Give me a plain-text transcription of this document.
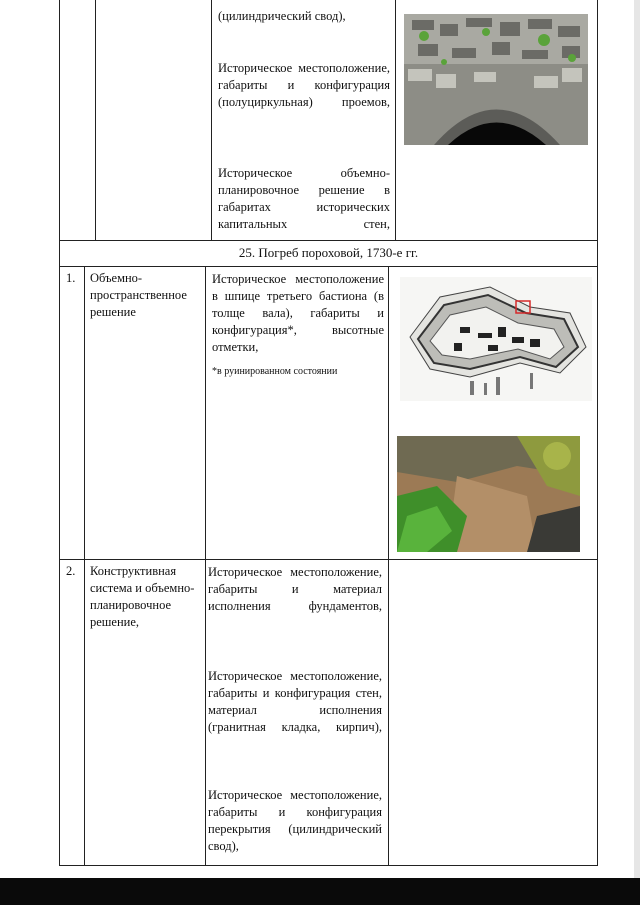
(цилиндрический свод),
Историческое местоположение, габариты и конфигурация (полуциркульная) проемов,
Историческое объемно-планировочное решение в габаритах исторических капитальных стен,
25. Погреб пороховой, 1730-е гг.
1.	Объемно-пространственное решение
Историческое местоположение в шпице третьего бастиона (в толще вала), габариты и конфигурация*, высотные отметки,
*в руинированном состоянии
2.	Конструктивная система и объемно-планировочное решение,
Историческое местоположение, габариты и материал исполнения фундаментов,
Историческое местоположение, габариты и конфигурация стен, материал исполнения (гранитная кладка, кирпич),
Историческое местоположение, габариты и конфигурация перекрытия (цилиндрический свод),
